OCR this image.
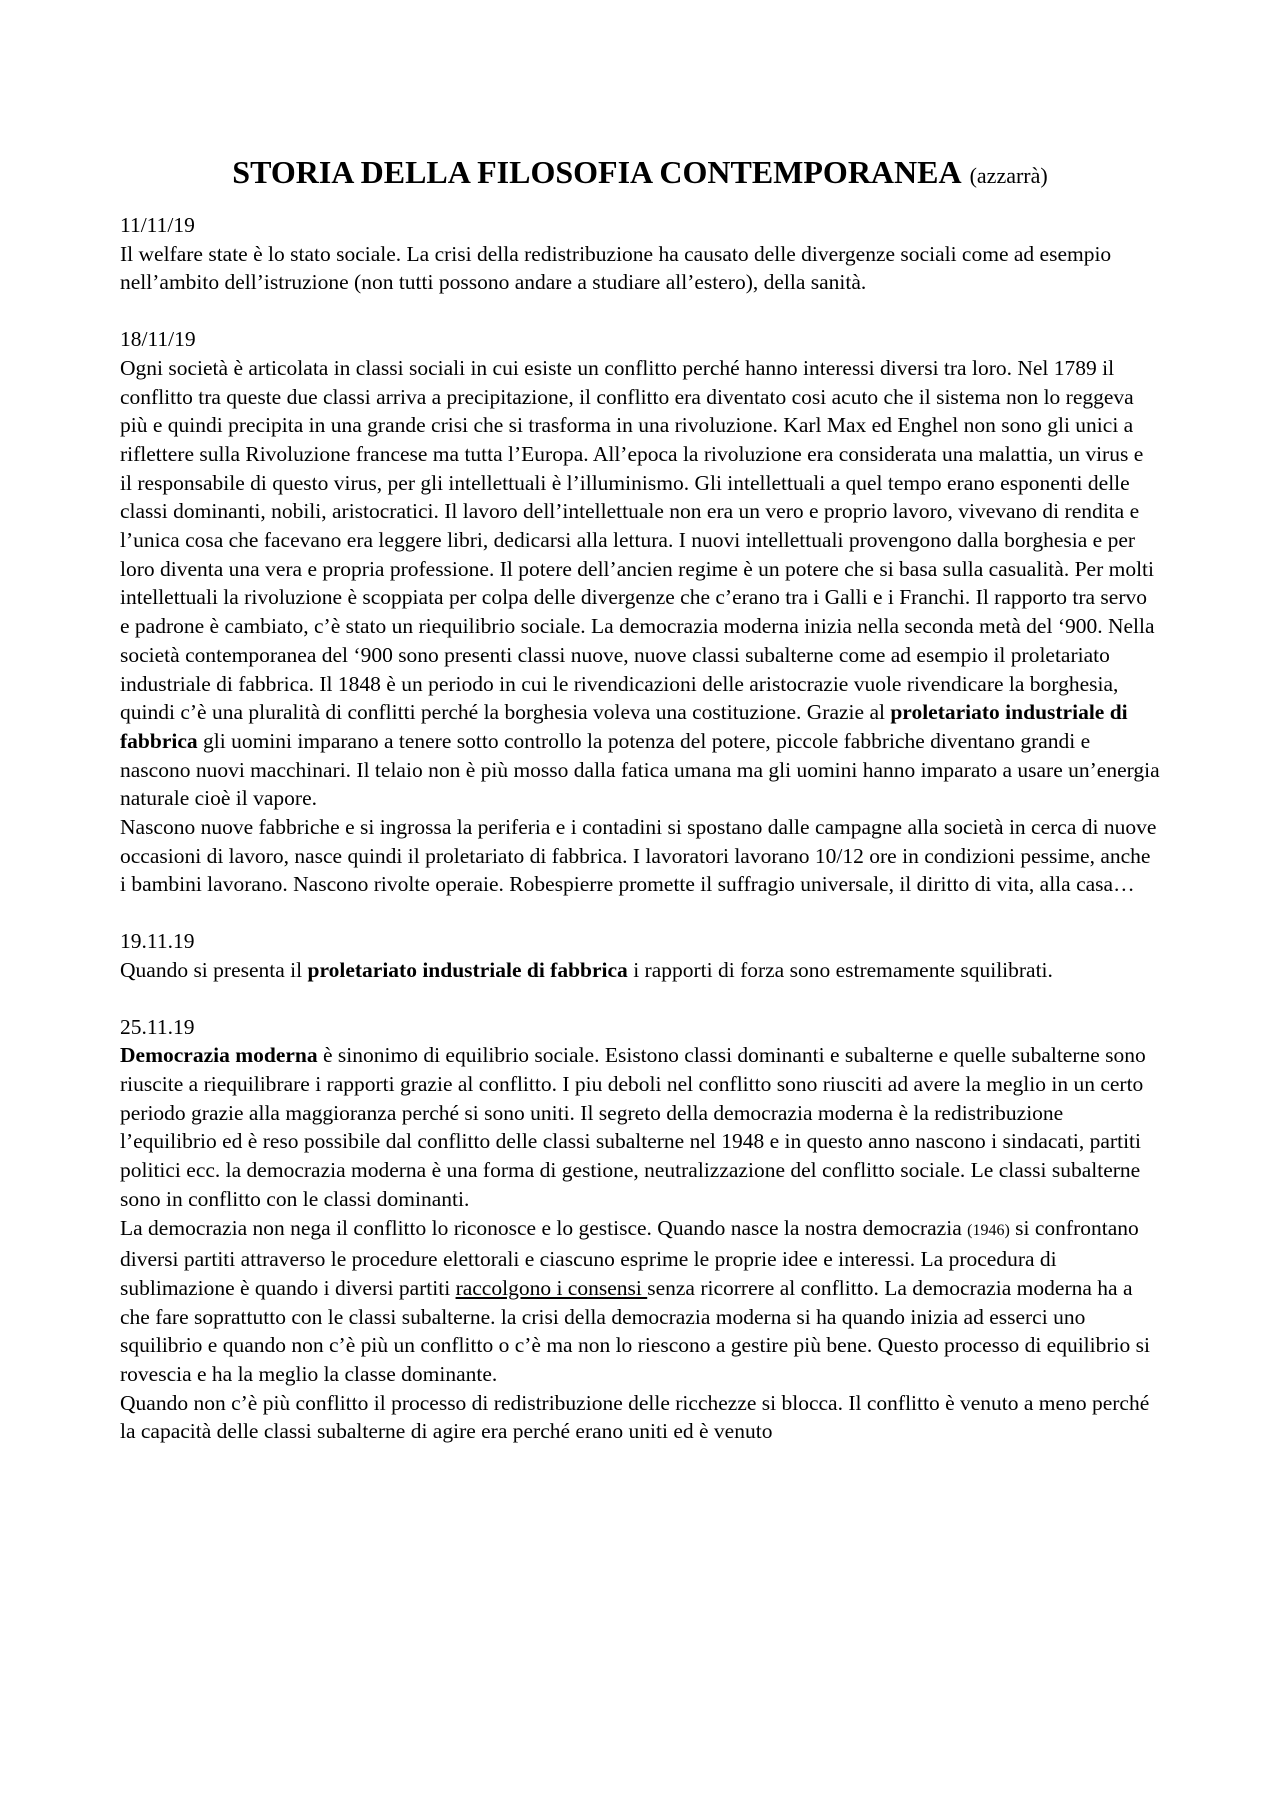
STORIA DELLA FILOSOFIA CONTEMPORANEA (azzarrà)
11/11/19

Il welfare state è lo stato sociale. La crisi della redistribuzione ha causato delle divergenze sociali come ad esempio nell’ambito dell’istruzione (non tutti possono andare a studiare all’estero), della sanità.

18/11/19

Ogni società è articolata in classi sociali in cui esiste un conflitto perché hanno interessi diversi tra loro. Nel 1789 il conflitto tra queste due classi arriva a precipitazione, il conflitto era diventato cosi acuto che il sistema non lo reggeva più e quindi precipita in una grande crisi che si trasforma in una rivoluzione. Karl Max ed Enghel non sono gli unici a riflettere sulla Rivoluzione francese ma tutta l’Europa. All’epoca la rivoluzione era considerata una malattia, un virus e il responsabile di questo virus, per gli intellettuali è l’illuminismo. Gli intellettuali a quel tempo erano esponenti delle classi dominanti, nobili, aristocratici. Il lavoro dell’intellettuale non era un vero e proprio lavoro, vivevano di rendita e l’unica cosa che facevano era leggere libri, dedicarsi alla lettura. I nuovi intellettuali provengono dalla borghesia e per loro diventa una vera e propria professione. Il potere dell’ancien regime è un potere che si basa sulla casualità. Per molti intellettuali la rivoluzione è scoppiata per colpa delle divergenze che c’erano tra i Galli e i Franchi. Il rapporto tra servo e padrone è cambiato, c’è stato un riequilibrio sociale. La democrazia moderna inizia nella seconda metà del ‘900. Nella società contemporanea del ‘900 sono presenti classi nuove, nuove classi subalterne come ad esempio il proletariato industriale di fabbrica. Il 1848 è un periodo in cui le rivendicazioni delle aristocrazie vuole rivendicare la borghesia, quindi c’è una pluralità di conflitti perché la borghesia voleva una costituzione. Grazie al proletariato industriale di fabbrica gli uomini imparano a tenere sotto controllo la potenza del potere, piccole fabbriche diventano grandi e nascono nuovi macchinari. Il telaio non è più mosso dalla fatica umana ma gli uomini hanno imparato a usare un’energia naturale cioè il vapore.

Nascono nuove fabbriche e si ingrossa la periferia e i contadini si spostano dalle campagne alla società in cerca di nuove occasioni di lavoro, nasce quindi il proletariato di fabbrica. I lavoratori lavorano 10/12 ore in condizioni pessime, anche i bambini lavorano. Nascono rivolte operaie. Robespierre promette il suffragio universale, il diritto di vita, alla casa…

19.11.19

Quando si presenta il proletariato industriale di fabbrica i rapporti di forza sono estremamente squilibrati.

25.11.19

Democrazia moderna è sinonimo di equilibrio sociale. Esistono classi dominanti e subalterne e quelle subalterne sono riuscite a riequilibrare i rapporti grazie al conflitto. I piu deboli nel conflitto sono riusciti ad avere la meglio in un certo periodo grazie alla maggioranza perché si sono uniti. Il segreto della democrazia moderna è la redistribuzione l’equilibrio ed è reso possibile dal conflitto delle classi subalterne nel 1948 e in questo anno nascono i sindacati, partiti politici ecc. la democrazia moderna è una forma di gestione, neutralizzazione del conflitto sociale. Le classi subalterne sono in conflitto con le classi dominanti.

La democrazia non nega il conflitto lo riconosce e lo gestisce. Quando nasce la nostra democrazia (1946) si confrontano diversi partiti attraverso le procedure elettorali e ciascuno esprime le proprie idee e interessi. La procedura di sublimazione è quando i diversi partiti raccolgono i consensi senza ricorrere al conflitto. La democrazia moderna ha a che fare soprattutto con le classi subalterne. la crisi della democrazia moderna si ha quando inizia ad esserci uno squilibrio e quando non c’è più un conflitto o c’è ma non lo riescono a gestire più bene. Questo processo di equilibrio si rovescia e ha la meglio la classe dominante.

Quando non c’è più conflitto il processo di redistribuzione delle ricchezze si blocca. Il conflitto è venuto a meno perché la capacità delle classi subalterne di agire era perché erano uniti ed è venuto
